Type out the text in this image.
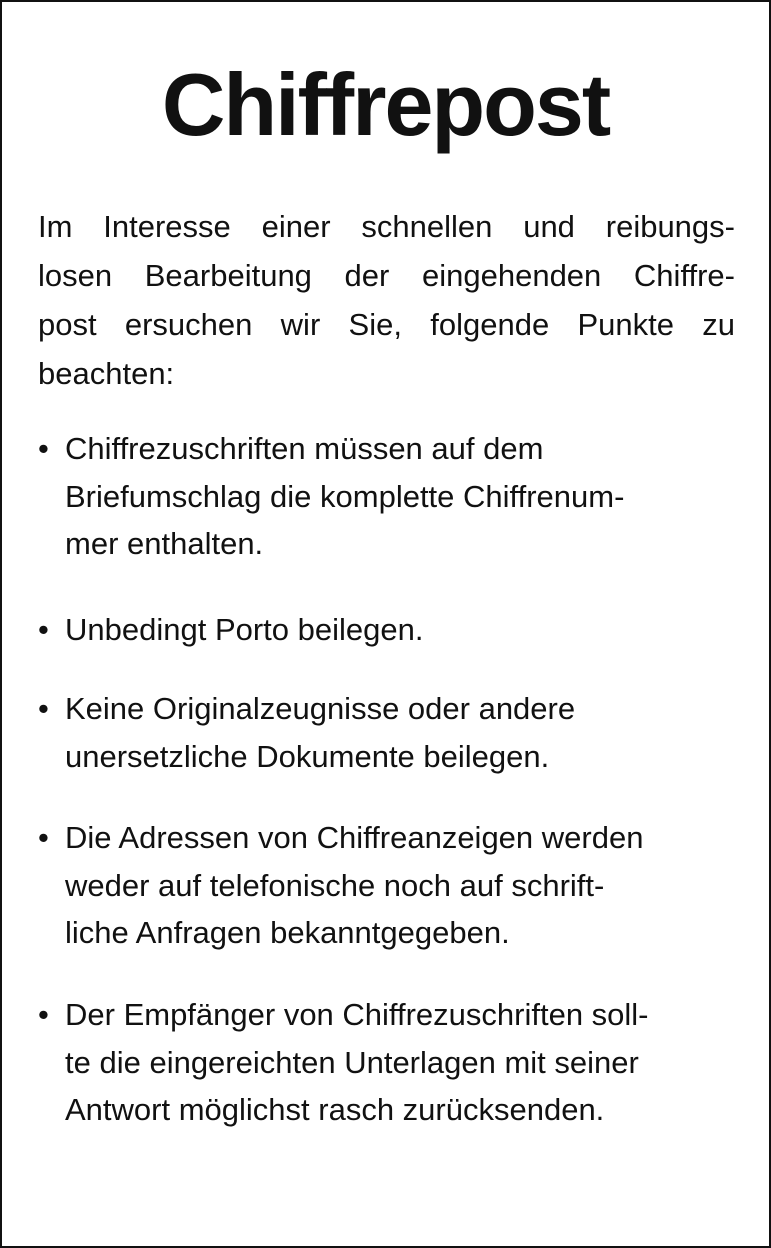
Chiffrepost

Im Interesse einer schnellen und reibungs-
losen Bearbeitung der eingehenden Chiffre-
post ersuchen wir Sie, folgende Punkte zu
beachten:

• Chiffrezuschriften müssen auf dem
Briefumschlag die komplette Chiffrenum-
mer enthalten.
• Unbedingt Porto beilegen.
• Keine Originalzeugnisse oder andere
unersetzliche Dokumente beilegen.
• Die Adressen von Chiffreanzeigen werden
weder auf telefonische noch auf schrift-
liche Anfragen bekanntgegeben.
• Der Empfänger von Chiffrezuschriften soll-
te die eingereichten Unterlagen mit seiner
Antwort möglichst rasch zurücksenden.
